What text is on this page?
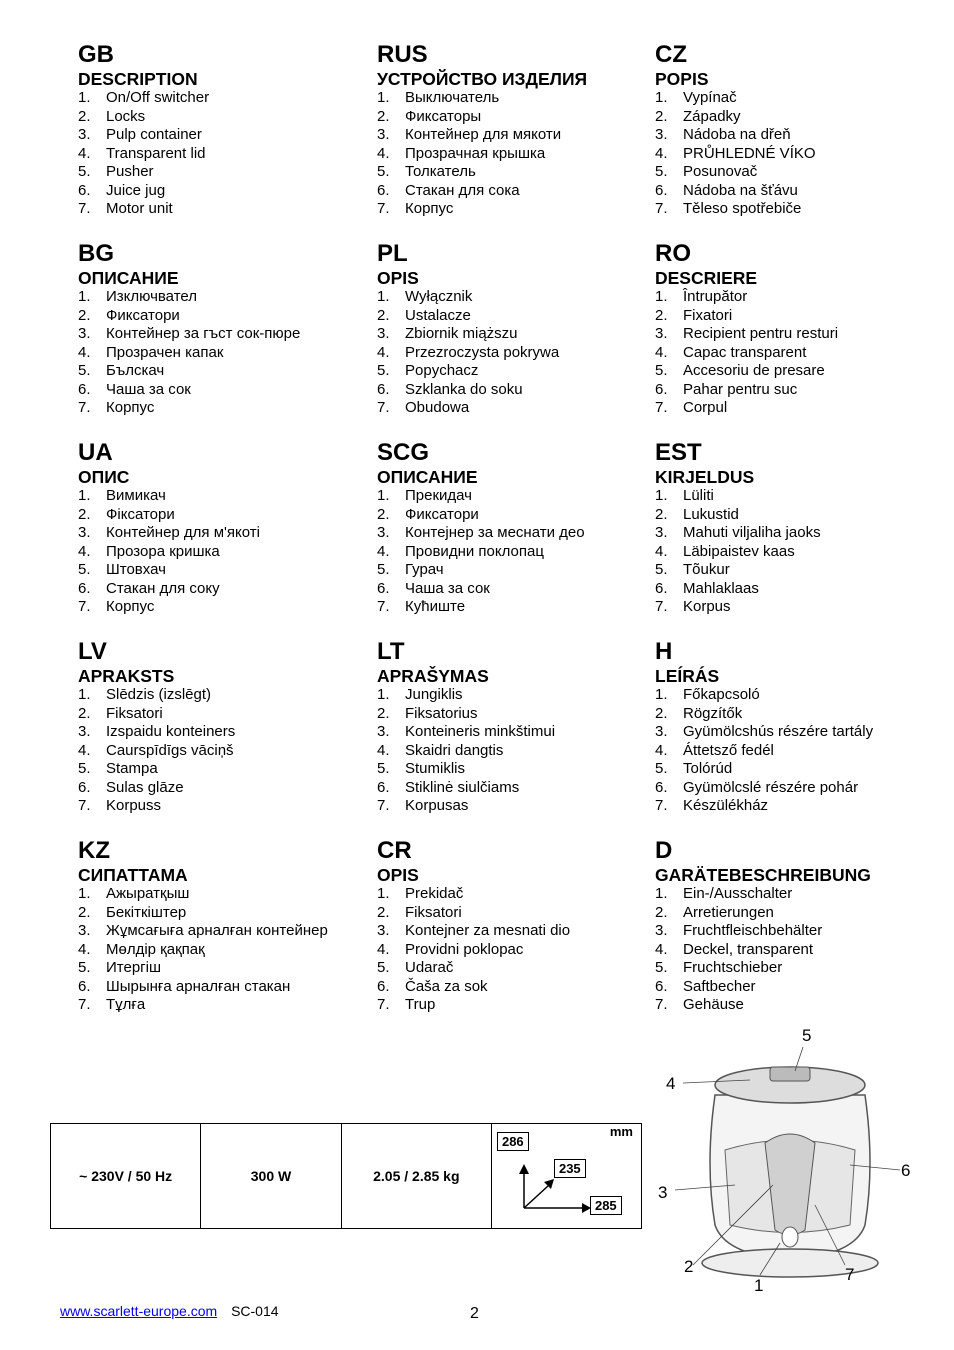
GB
DESCRIPTION
1. On/Off switcher
2. Locks
3. Pulp container
4. Transparent lid
5. Pusher
6. Juice jug
7. Motor unit
RUS
УСТРОЙСТВО ИЗДЕЛИЯ
1. Выключатель
2. Фиксаторы
3. Контейнер для мякоти
4. Прозрачная крышка
5. Толкатель
6. Стакан для сока
7. Корпус
CZ
POPIS
1. Vypínač
2. Západky
3. Nádoba na dřeň
4. PRŮHLEDNÉ VÍKO
5. Posunovač
6. Nádoba na šťávu
7. Těleso spotřebiče
BG
ОПИСАНИЕ
1. Изключвател
2. Фиксатори
3. Контейнер за гъст сок-пюре
4. Прозрачен капак
5. Бълскач
6. Чаша за сок
7. Корпус
PL
OPIS
1. Wyłącznik
2. Ustalacze
3. Zbiornik miąższu
4. Przezroczysta pokrywa
5. Popychacz
6. Szklanka do soku
7. Obudowa
RO
DESCRIERE
1. Întrupător
2. Fixatori
3. Recipient pentru resturi
4. Capac transparent
5. Accesoriu de presare
6. Pahar pentru suc
7. Corpul
UA
ОПИС
1. Вимикач
2. Фіксатори
3. Контейнер для м'якоті
4. Прозора кришка
5. Штовхач
6. Стакан для соку
7. Корпус
SCG
ОПИСАНИЕ
1. Прекидач
2. Фиксатори
3. Контејнер за меснати део
4. Провидни поклопац
5. Гурач
6. Чаша за сок
7. Кућиште
EST
KIRJELDUS
1. Lüliti
2. Lukustid
3. Mahuti viljaliha jaoks
4. Läbipaistev kaas
5. Tõukur
6. Mahlaklaas
7. Korpus
LV
APRAKSTS
1. Slēdzis (izslēgt)
2. Fiksatori
3. Izspaidu konteiners
4. Caurspīdīgs vāciņš
5. Stampa
6. Sulas glāze
7. Korpuss
LT
APRAŠYMAS
1. Jungiklis
2. Fiksatorius
3. Konteineris minkštimui
4. Skaidri dangtis
5. Stumiklis
6. Stiklinė siulčiams
7. Korpusas
H
LEÍRÁS
1. Főkapcsoló
2. Rögzítők
3. Gyümölcshús részére tartály
4. Áttetsző fedél
5. Tolórúd
6. Gyümölcslé részére pohár
7. Készülékház
KZ
СИПАТТАМА
1. Ажыратқыш
2. Бекіткіштер
3. Жұмсағыға арналған контейнер
4. Мөлдір қақпақ
5. Итергіш
6. Шырынға арналған стакан
7. Тұлға
CR
OPIS
1. Prekidač
2. Fiksatori
3. Kontejner za mesnati dio
4. Providni poklopac
5. Udarač
6. Čaša za sok
7. Trup
D
GARÄTEBESCHREIBUNG
1. Ein-/Ausschalter
2. Arretierungen
3. Fruchtfleischbehälter
4. Deckel, transparent
5. Fruchtschieber
6. Saftbecher
7. Gehäuse
~ 230V / 50 Hz	300 W	2.05 / 2.85 kg	
mm
286
235
285
5
4
3
6
2
1
7
www.scarlett-europe.com SC-014	2
